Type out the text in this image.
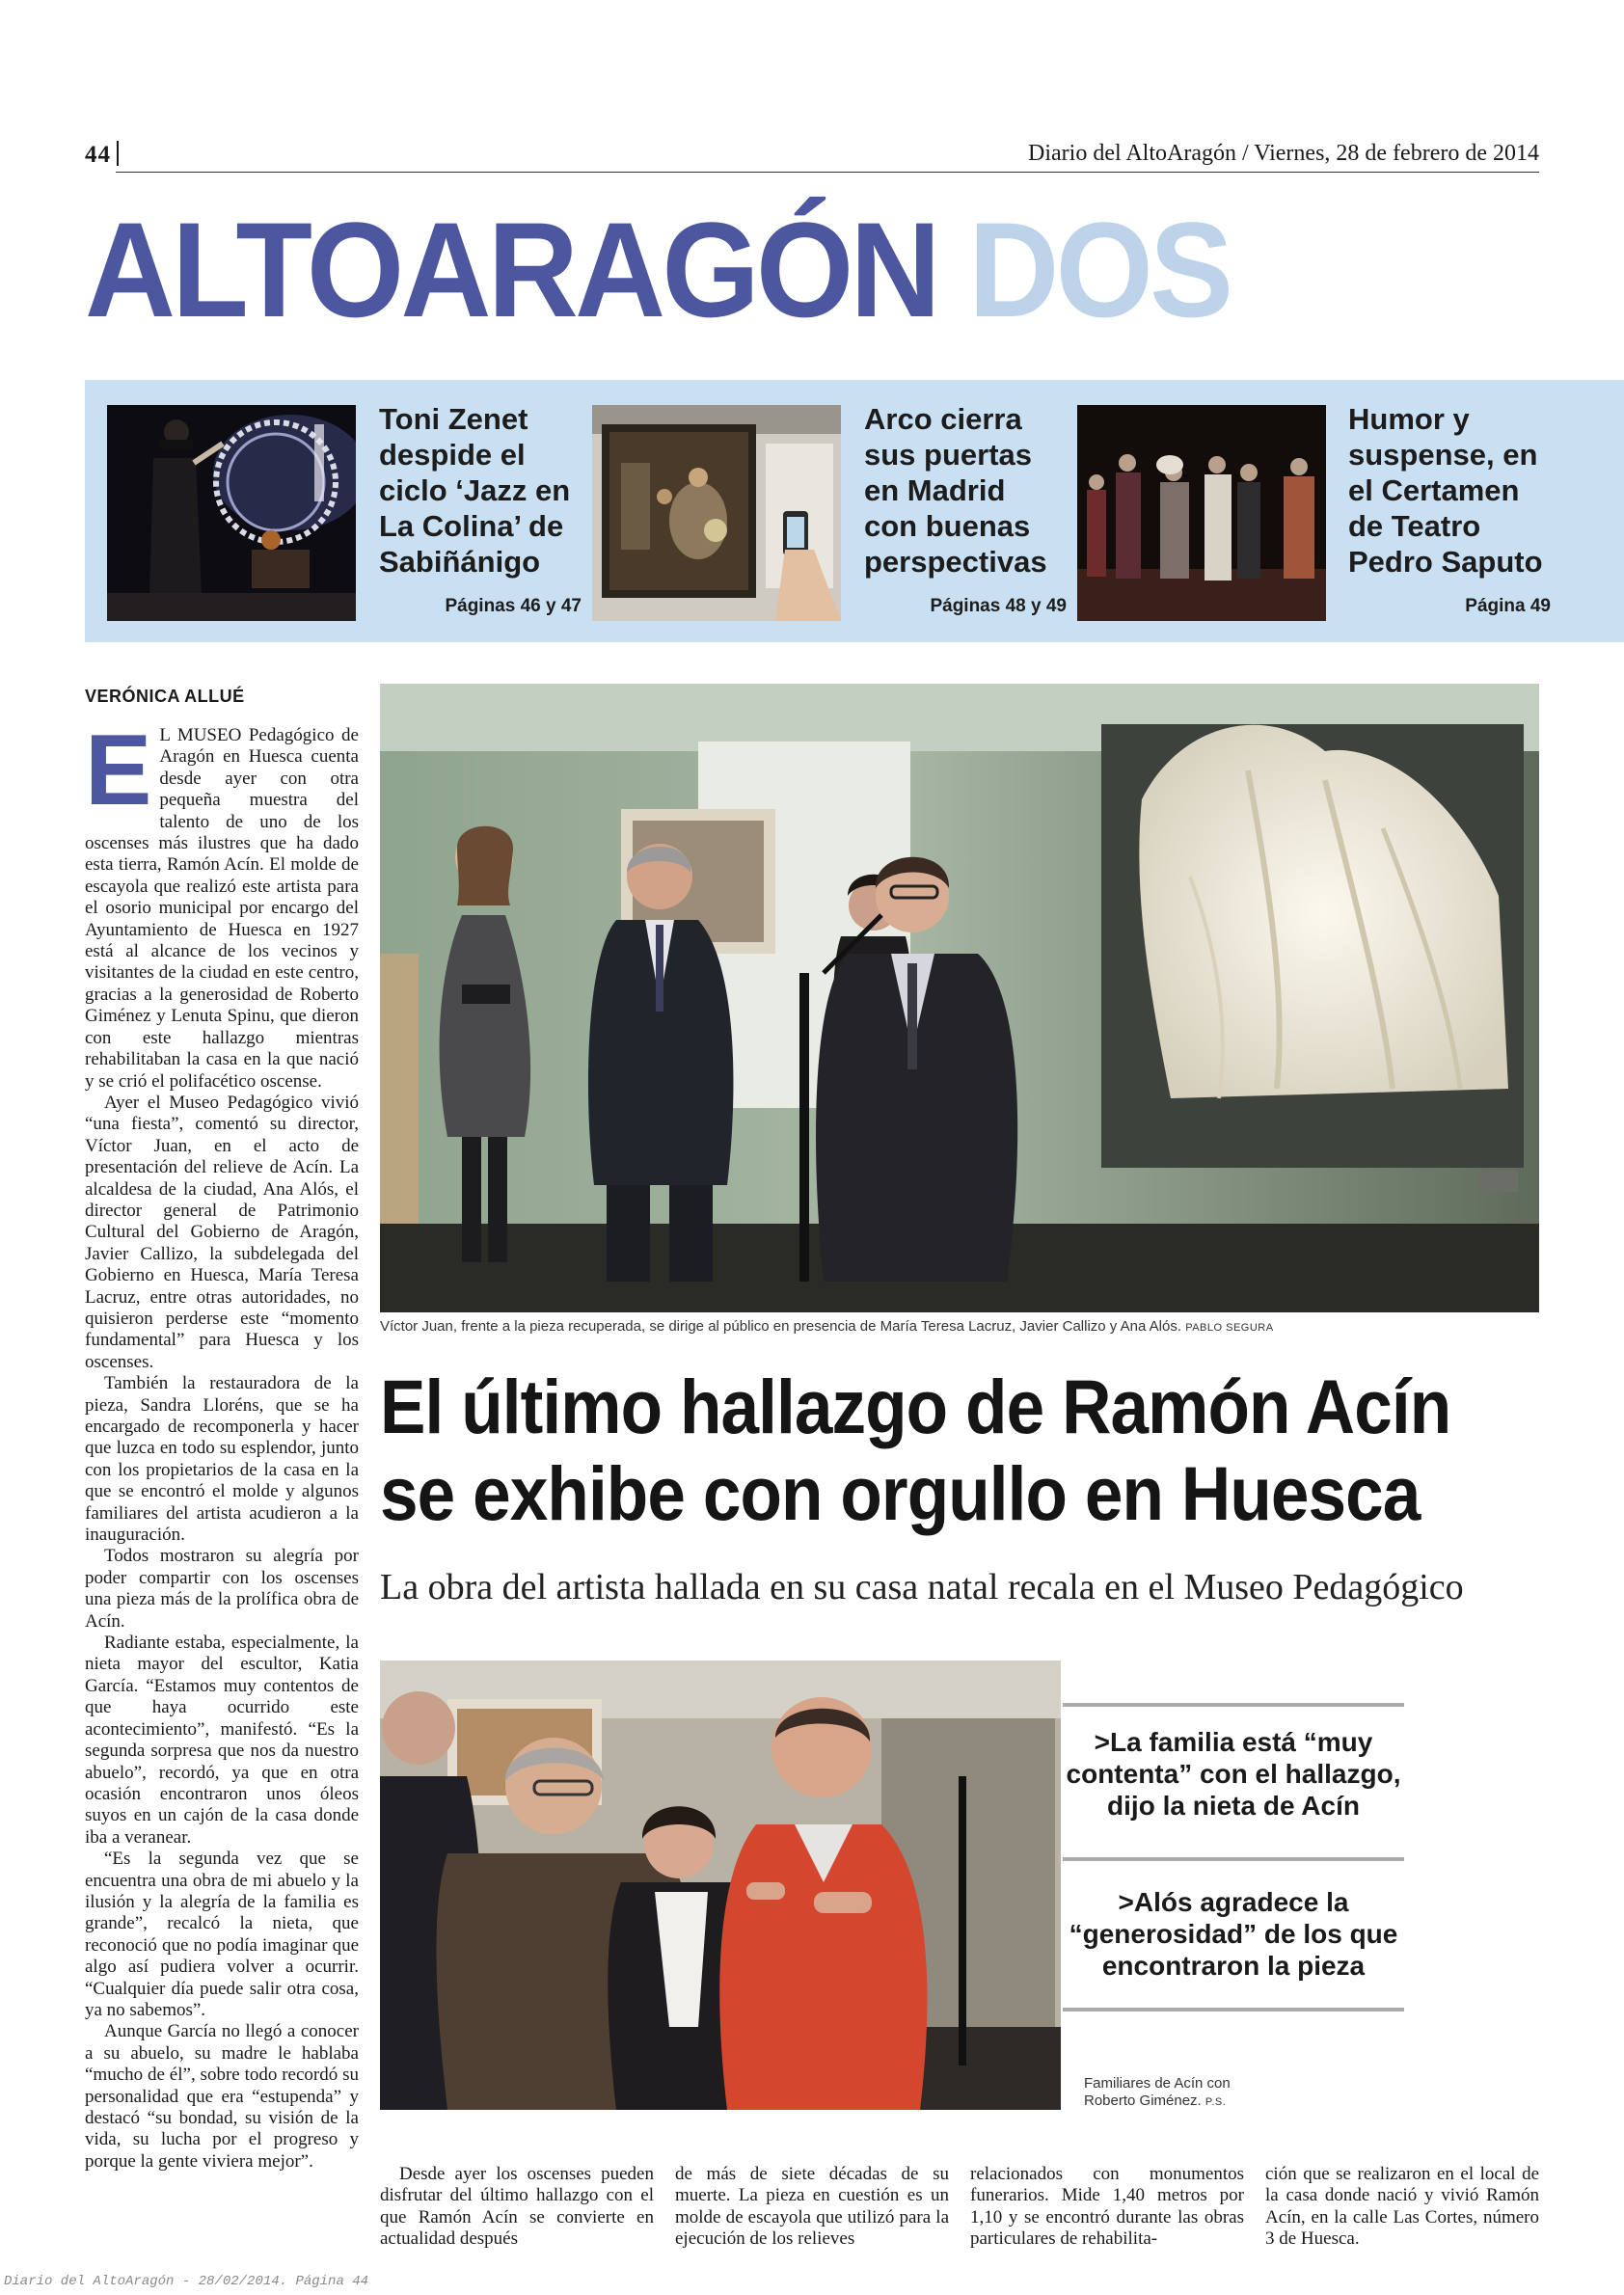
44	Diario del AltoAragón / Viernes, 28 de febrero de 2014
ALTOARAGÓN DOS
Toni Zenet despide el ciclo ‘Jazz en La Colina’ de Sabiñánigo
Páginas 46 y 47
Arco cierra sus puertas en Madrid con buenas perspectivas
Páginas 48 y 49
Humor y suspense, en el Certamen de Teatro Pedro Saputo
Página 49
VERÓNICA ALLUÉ

E L MUSEO Pedagógico de Aragón en Huesca cuenta desde ayer con otra pequeña muestra del talento de uno de los oscenses más ilustres que ha dado esta tierra, Ramón Acín. El molde de escayola que realizó este artista para el osorio municipal por encargo del Ayuntamiento de Huesca en 1927 está al alcance de los vecinos y visitantes de la ciudad en este centro, gracias a la generosidad de Roberto Giménez y Lenuta Spinu, que dieron con este hallazgo mientras rehabilitaban la casa en la que nació y se crió el polifacético oscense.

Ayer el Museo Pedagógico vivió “una fiesta”, comentó su director, Víctor Juan, en el acto de presentación del relieve de Acín. La alcaldesa de la ciudad, Ana Alós, el director general de Patrimonio Cultural del Gobierno de Aragón, Javier Callizo, la subdelegada del Gobierno en Huesca, María Teresa Lacruz, entre otras autoridades, no quisieron perderse este “momento fundamental” para Huesca y los oscenses.

También la restauradora de la pieza, Sandra Lloréns, que se ha encargado de recomponerla y hacer que luzca en todo su esplendor, junto con los propietarios de la casa en la que se encontró el molde y algunos familiares del artista acudieron a la inauguración.

Todos mostraron su alegría por poder compartir con los oscenses una pieza más de la prolífica obra de Acín.

Radiante estaba, especialmente, la nieta mayor del escultor, Katia García. “Estamos muy contentos de que haya ocurrido este acontecimiento”, manifestó. “Es la segunda sorpresa que nos da nuestro abuelo”, recordó, ya que en otra ocasión encontraron unos óleos suyos en un cajón de la casa donde iba a veranear.

“Es la segunda vez que se encuentra una obra de mi abuelo y la ilusión y la alegría de la familia es grande”, recalcó la nieta, que reconoció que no podía imaginar que algo así pudiera volver a ocurrir. “Cualquier día puede salir otra cosa, ya no sabemos”.

Aunque García no llegó a conocer a su abuelo, su madre le hablaba “mucho de él”, sobre todo recordó su personalidad que era “estupenda” y destacó “su bondad, su visión de la vida, su lucha por el progreso y porque la gente viviera mejor”.

Víctor Juan, frente a la pieza recuperada, se dirige al público en presencia de María Teresa Lacruz, Javier Callizo y Ana Alós. PABLO SEGURA
El último hallazgo de Ramón Acín
se exhibe con orgullo en Huesca
La obra del artista hallada en su casa natal recala en el Museo Pedagógico
>La familia está “muy contenta” con el hallazgo, dijo la nieta de Acín
>Alós agradece la “generosidad” de los que encontraron la pieza
Familiares de Acín con Roberto Giménez. P.S.

Desde ayer los oscenses pueden disfrutar del último hallazgo con el que Ramón Acín se convierte en actualidad después

de más de siete décadas de su muerte. La pieza en cuestión es un molde de escayola que utilizó para la ejecución de los relieves

relacionados con monumentos funerarios. Mide 1,40 metros por 1,10 y se encontró durante las obras particulares de rehabilita-

ción que se realizaron en el local de la casa donde nació y vivió Ramón Acín, en la calle Las Cortes, número 3 de Huesca.

Diario del AltoAragón - 28/02/2014. Página 44
